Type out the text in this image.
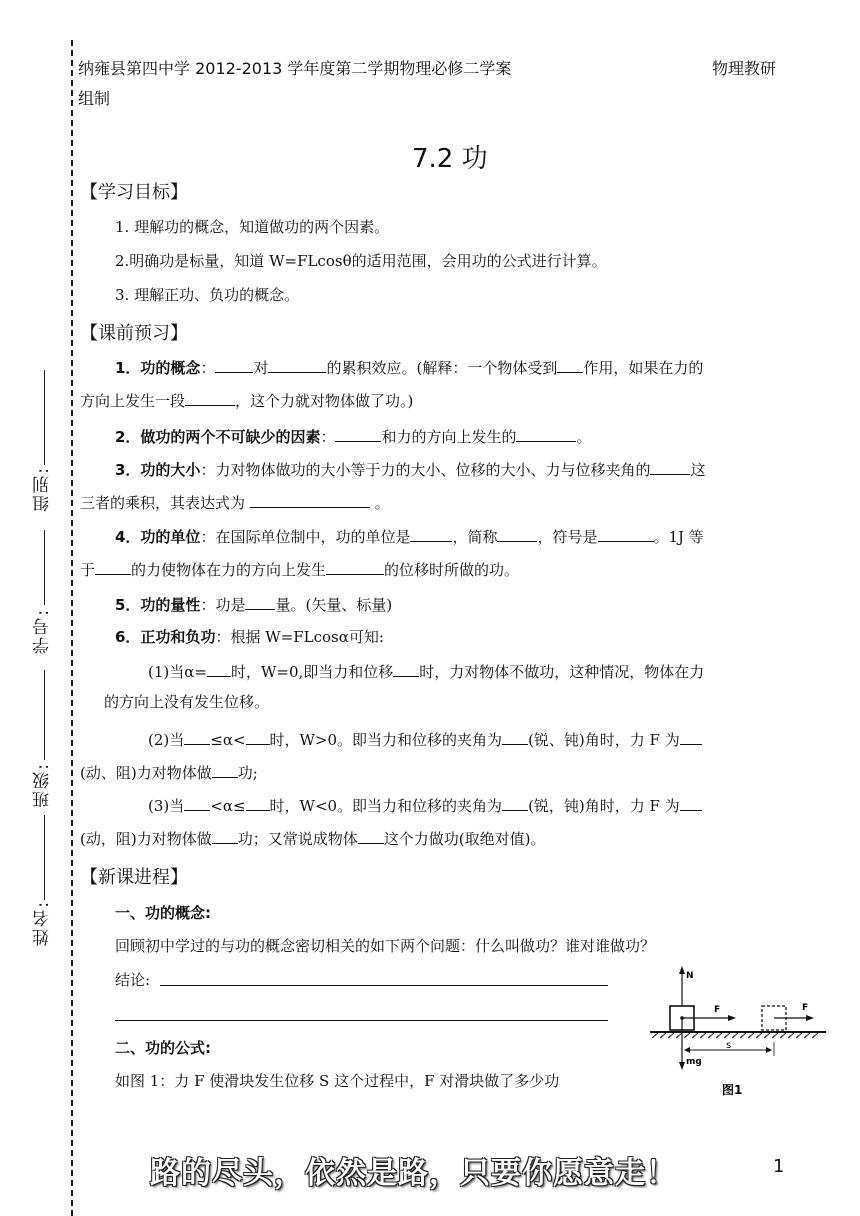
组别:
学号:
班级:
姓名:
纳雍县第四中学 2012-2013 学年度第二学期物理必修二学案	物理教研
组制
7.2 功
【学习目标】
1. 理解功的概念，知道做功的两个因素。
2.明确功是标量，知道 W=FLcosθ的适用范围，会用功的公式进行计算。
3. 理解正功、负功的概念。
【课前预习】
1．功的概念：	对	的累积效应。(解释：一个物体受到 作用，如果在力的
方向上发生一段	，这个力就对物体做了功。)
2．做功的两个不可缺少的因素：	和力的方向上发生的	。
3．功的大小：力对物体做功的大小等于力的大小、位移的大小、力与位移夹角的	这
三者的乘积，其表达式为	。
4．功的单位：在国际单位制中，功的单位是	，简称	，符号是	。1J 等
于 的力使物体在力的方向上发生	的位移时所做的功。
5．功的量性：功是 量。(矢量、标量)
6．正功和负功：根据 W=FLcosα可知:
(1)当α= 时，W=0,即当力和位移 时，力对物体不做功，这种情况，物体在力
的方向上没有发生位移。
(2)当 ≤α< 时，W>0。即当力和位移的夹角为 (锐、钝)角时，力 F 为
(动、阻)力对物体做 功;
(3)当 <α≤ 时，W<0。即当力和位移的夹角为 (锐，钝)角时，力 F 为
(动，阻)力对物体做 功；又常说成物体 这个力做功(取绝对值)。
【新课进程】
一、功的概念:
回顾初中学过的与功的概念密切相关的如下两个问题：什么叫做功？谁对谁做功？
结论:
二、功的公式:
如图 1：力 F 使滑块发生位移 S 这个过程中，F 对滑块做了多少功
N
F	F
mg
s
图1
路的尽头，依然是路，只要你愿意走！	1
